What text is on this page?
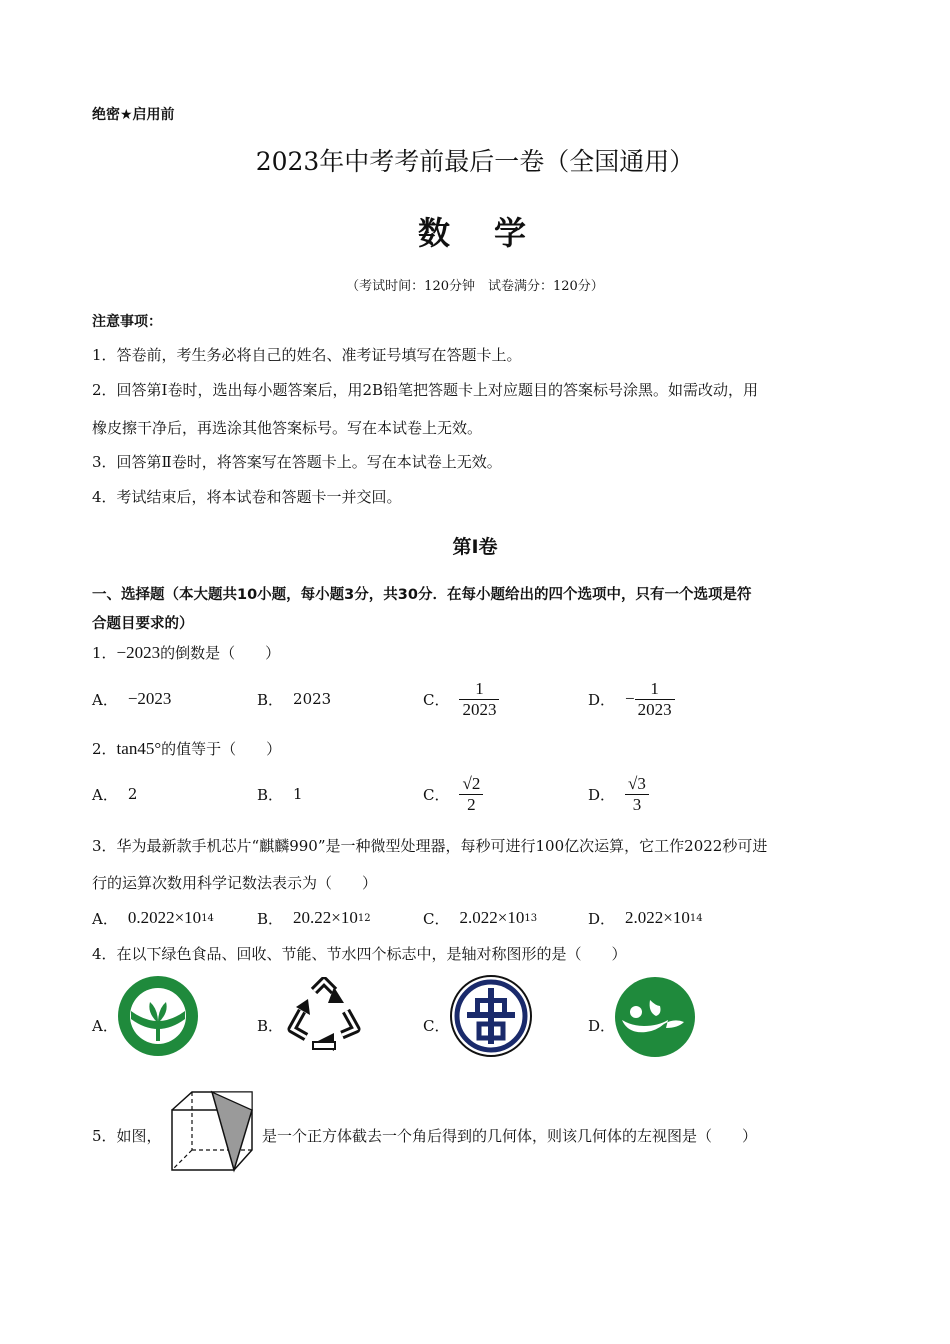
绝密★启用前
2023年中考考前最后一卷（全国通用）
数　学
（考试时间：120分钟　试卷满分：120分）
注意事项：
1．答卷前，考生务必将自己的姓名、准考证号填写在答题卡上。
2．回答第Ⅰ卷时，选出每小题答案后，用2B铅笔把答题卡上对应题目的答案标号涂黑。如需改动，用
橡皮擦干净后，再选涂其他答案标号。写在本试卷上无效。
3．回答第Ⅱ卷时，将答案写在答题卡上。写在本试卷上无效。
4．考试结束后，将本试卷和答题卡一并交回。
第Ⅰ卷
一、选择题（本大题共10小题，每小题3分，共30分．在每小题给出的四个选项中，只有一个选项是符
合题目要求的）
1．−2023的倒数是（　　）
A． −2023	B． 2023	C． $\frac{1}{2023}$	D． − $\frac{1}{2023}$
2．tan45°的值等于（　　）
A． 2	B． 1	C． $\frac{√2}{2}$	D． $\frac{√3}{3}$
3．华为最新款手机芯片“麒麟990”是一种微型处理器，每秒可进行100亿次运算，它工作2022秒可进
行的运算次数用科学记数法表示为（　　）
A． 0.2022×10 14	B． 20.22×10 12	C． 2.022×10 13	D． 2.022×10 14
4．在以下绿色食品、回收、节能、节水四个标志中，是轴对称图形的是（　　）
A．	B．	C．	D．
5．如图，	是一个正方体截去一个角后得到的几何体，则该几何体的左视图是（　　）
